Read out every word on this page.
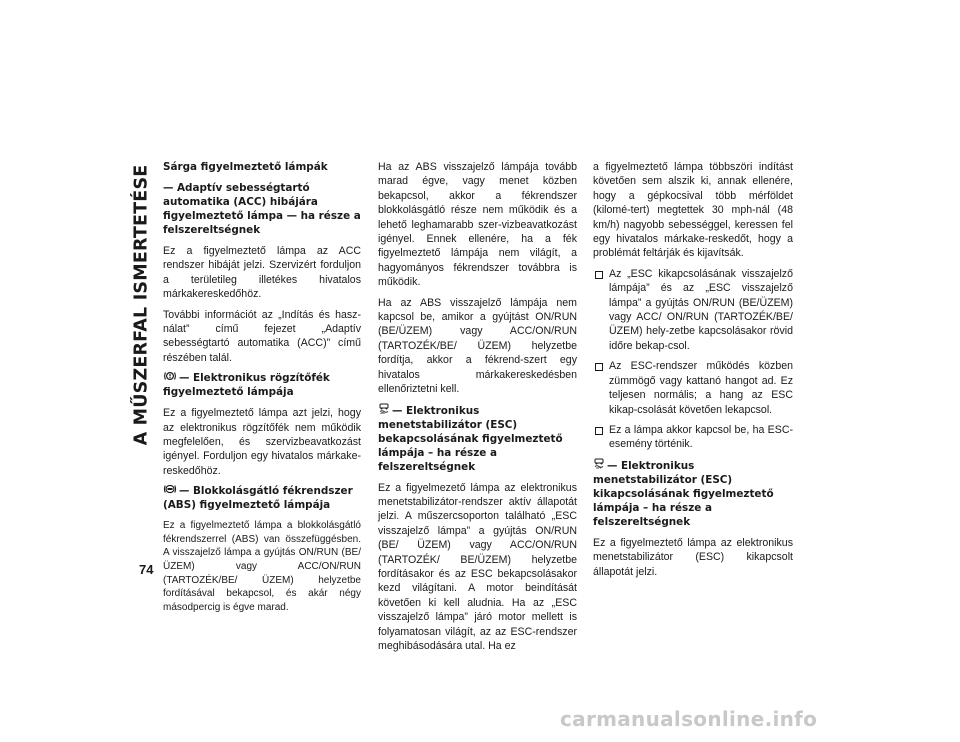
A MŰSZERFAL ISMERTETÉSE
74
Sárga figyelmeztető lámpák
— Adaptív sebességtartó automatika (ACC) hibájára figyelmeztető lámpa — ha része a felszereltségnek

Ez a figyelmeztető lámpa az ACC rendszer hibáját jelzi. Szervizért forduljon a területileg illetékes hivatalos márkakereskedőhöz.

További információt az „Indítás és hasz-nálat” című fejezet „Adaptív sebességtartó automatika (ACC)” című részében talál.

— Elektronikus rögzítőfék figyelmeztető lámpája

Ez a figyelmeztető lámpa azt jelzi, hogy az elektronikus rögzítőfék nem működik megfelelően, és szervizbeavatkozást igényel. Forduljon egy hivatalos márkake-reskedőhöz.

— Blokkolásgátló fékrendszer (ABS) figyelmeztető lámpája

Ez a figyelmeztető lámpa a blokkolásgátló fékrendszerrel (ABS) van összefüggésben. A visszajelző lámpa a gyújtás ON/RUN (BE/ ÜZEM) vagy ACC/ON/RUN (TARTOZÉK/BE/ ÜZEM) helyzetbe fordításával bekapcsol, és akár négy másodpercig is égve marad.

Ha az ABS visszajelző lámpája tovább marad égve, vagy menet közben bekapcsol, akkor a fékrendszer blokkolásgátló része nem működik és a lehető leghamarabb szer-vizbeavatkozást igényel. Ennek ellenére, ha a fék figyelmeztető lámpája nem világít, a hagyományos fékrendszer továbbra is működik.

Ha az ABS visszajelző lámpája nem kapcsol be, amikor a gyújtást ON/RUN (BE/ÜZEM) vagy ACC/ON/RUN (TARTOZÉK/BE/ ÜZEM) helyzetbe fordítja, akkor a fékrend-szert egy hivatalos márkakereskedésben ellenőriztetni kell.

— Elektronikus menetstabilizátor (ESC) bekapcsolásának figyelmeztető lámpája – ha része a felszereltségnek

Ez a figyelmezető lámpa az elektronikus menetstabilizátor-rendszer aktív állapotát jelzi. A műszercsoporton található „ESC visszajelző lámpa” a gyújtás ON/RUN (BE/ ÜZEM) vagy ACC/ON/RUN (TARTOZÉK/ BE/ÜZEM) helyzetbe fordításakor és az ESC bekapcsolásakor kezd világítani. A motor beindítását követően ki kell aludnia. Ha az „ESC visszajelző lámpa” járó motor mellett is folyamatosan világít, az az ESC-rendszer meghibásodására utal. Ha ez

a figyelmeztető lámpa többszöri indítást követően sem alszik ki, annak ellenére, hogy a gépkocsival több mérföldet (kilomé-tert) megtettek 30 mph-nál (48 km/h) nagyobb sebességgel, keressen fel egy hivatalos márkake-reskedőt, hogy a problémát feltárják és kijavítsák.

Az „ESC kikapcsolásának visszajelző lámpája” és az „ESC visszajelző lámpa” a gyújtás ON/RUN (BE/ÜZEM) vagy ACC/ ON/RUN (TARTOZÉK/BE/ÜZEM) hely-zetbe kapcsolásakor rövid időre bekap-csol.
Az ESC-rendszer működés közben zümmögő vagy kattanó hangot ad. Ez teljesen normális; a hang az ESC kikap-csolását követően lekapcsol.
Ez a lámpa akkor kapcsol be, ha ESC-esemény történik.
OFF — Elektronikus menetstabilizátor (ESC) kikapcsolásának figyelmeztető lámpája – ha része a felszereltségnek

Ez a figyelmeztető lámpa az elektronikus menetstabilizátor (ESC) kikapcsolt állapotát jelzi.

carmanualsonline.info
